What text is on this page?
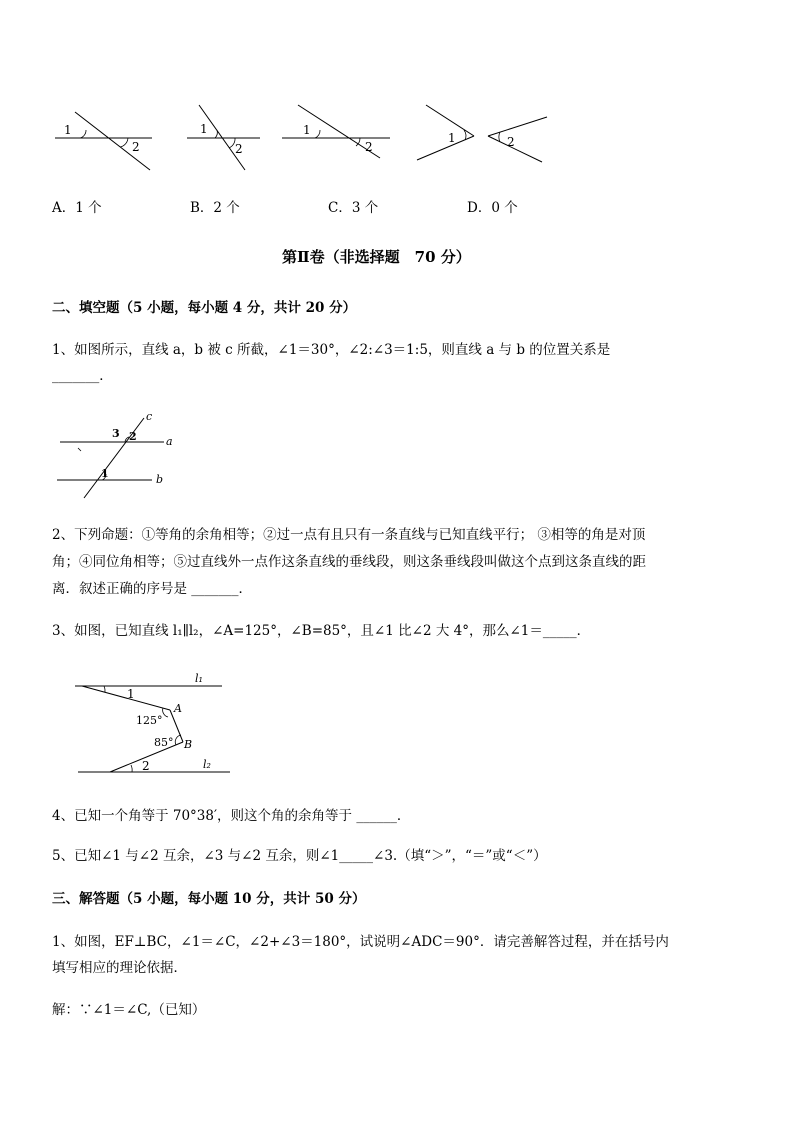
1
2
1
2
1
2
1	2
A．1 个	B．2 个	C．3 个	D．0 个
第Ⅱ卷（非选择题　70 分）
二、填空题（5 小题，每小题 4 分，共计 20 分）
1、如图所示，直线 a，b 被 c 所截，∠1＝30°，∠2:∠3＝1:5，则直线 a 与 b 的位置关系是
_______．
c
a
b
3 2
1
2、下列命题：①等角的余角相等；②过一点有且只有一条直线与已知直线平行； ③相等的角是对顶
角；④同位角相等；⑤过直线外一点作这条直线的垂线段，则这条垂线段叫做这个点到这条直线的距
离．叙述正确的序号是 _______．
3、如图，已知直线 l₁∥l₂，∠A=125°，∠B=85°，且∠1 比∠2 大 4°，那么∠1＝_____．
l₁
l₂
1
2
A
B
125°
85°
4、已知一个角等于 70°38′，则这个角的余角等于 ______．
5、已知∠1 与∠2 互余，∠3 与∠2 互余，则∠1_____∠3.（填“＞”，“＝”或“＜”）
三、解答题（5 小题，每小题 10 分，共计 50 分）
1、如图，EF⊥BC，∠1＝∠C，∠2+∠3＝180°，试说明∠ADC＝90°．请完善解答过程，并在括号内
填写相应的理论依据．
解：∵∠1＝∠C,（已知）
